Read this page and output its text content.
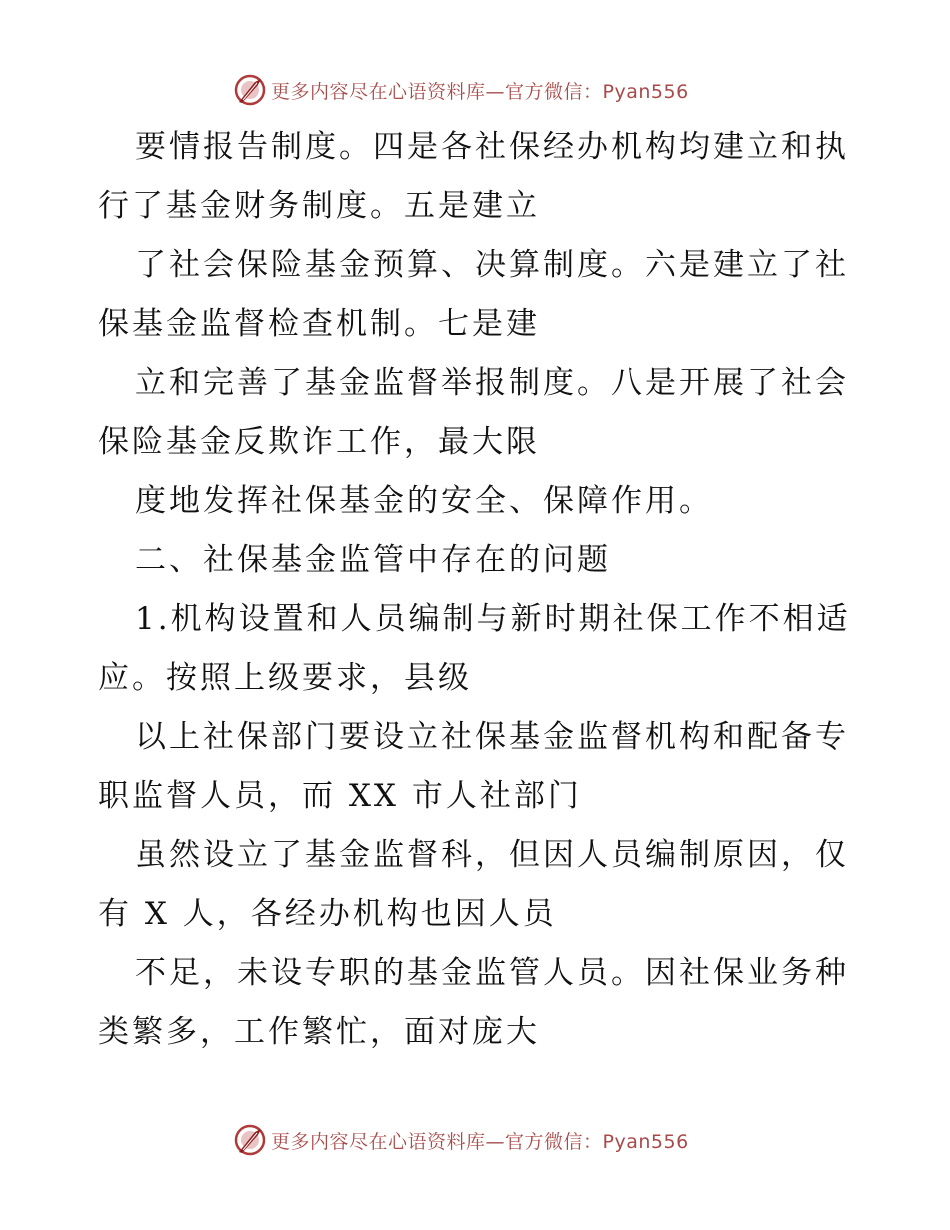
更多内容尽在心语资料库—官方微信：Pyan556
要情报告制度。四是各社保经办机构均建立和执
行了基金财务制度。五是建立
了社会保险基金预算、决算制度。六是建立了社
保基金监督检查机制。七是建
立和完善了基金监督举报制度。八是开展了社会
保险基金反欺诈工作，最大限
度地发挥社保基金的安全、保障作用。
二、社保基金监管中存在的问题
1.机构设置和人员编制与新时期社保工作不相适
应。按照上级要求，县级
以上社保部门要设立社保基金监督机构和配备专
职监督人员，而 XX 市人社部门
虽然设立了基金监督科，但因人员编制原因，仅
有 X 人，各经办机构也因人员
不足，未设专职的基金监管人员。因社保业务种
类繁多，工作繁忙，面对庞大
更多内容尽在心语资料库—官方微信：Pyan556
